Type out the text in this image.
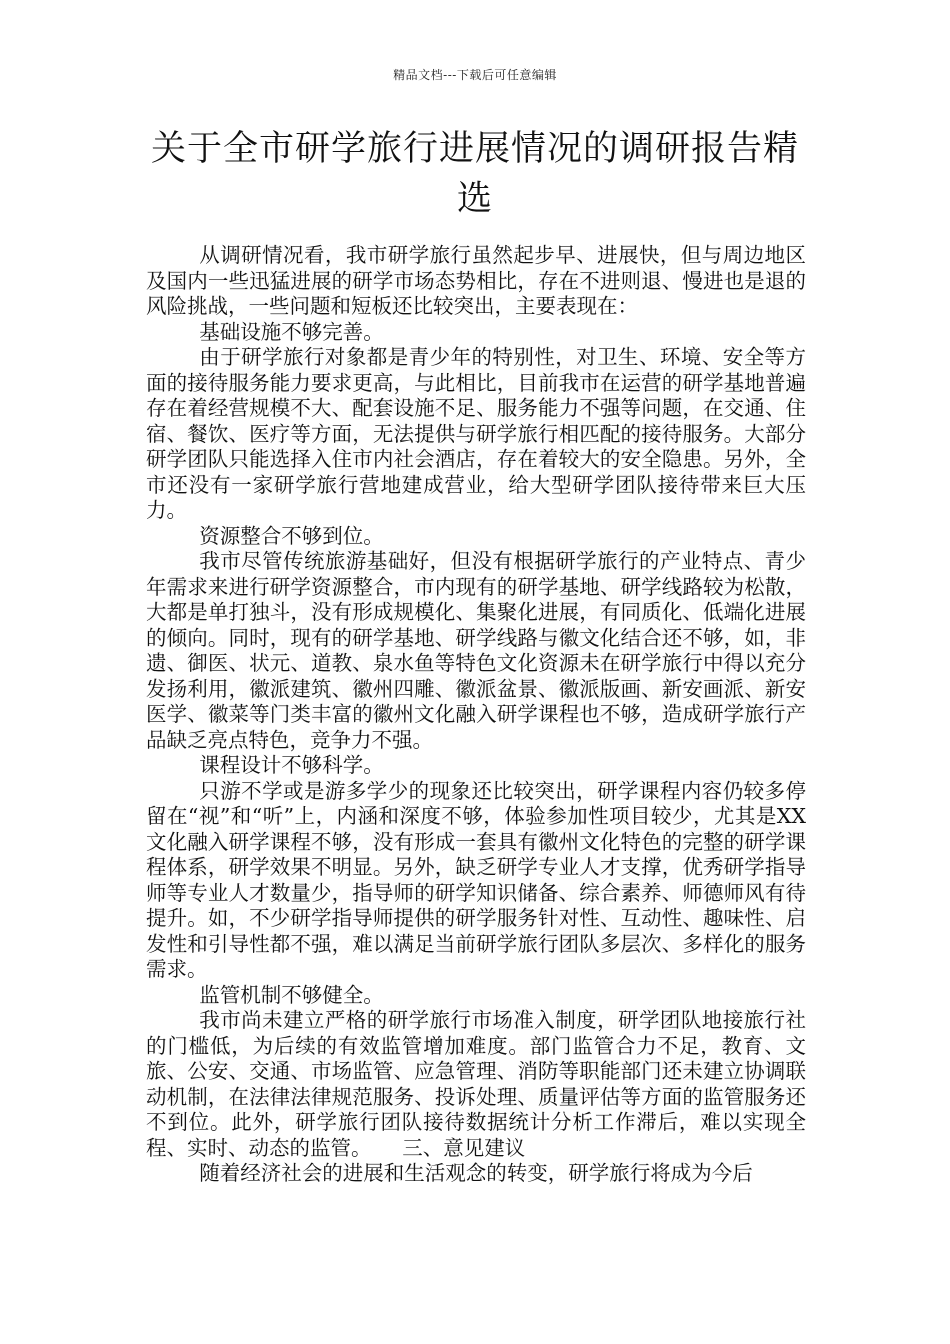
精品文档---下载后可任意编辑
关于全市研学旅行进展情况的调研报告精选

从调研情况看，我市研学旅行虽然起步早、进展快，但与周边地区及国内一些迅猛进展的研学市场态势相比，存在不进则退、慢进也是退的风险挑战，一些问题和短板还比较突出，主要表现在：

基础设施不够完善。

由于研学旅行对象都是青少年的特别性，对卫生、环境、安全等方面的接待服务能力要求更高，与此相比，目前我市在运营的研学基地普遍存在着经营规模不大、配套设施不足、服务能力不强等问题，在交通、住宿、餐饮、医疗等方面，无法提供与研学旅行相匹配的接待服务。大部分研学团队只能选择入住市内社会酒店，存在着较大的安全隐患。另外，全市还没有一家研学旅行营地建成营业，给大型研学团队接待带来巨大压力。

资源整合不够到位。

我市尽管传统旅游基础好，但没有根据研学旅行的产业特点、青少年需求来进行研学资源整合，市内现有的研学基地、研学线路较为松散，大都是单打独斗，没有形成规模化、集聚化进展，有同质化、低端化进展的倾向。同时，现有的研学基地、研学线路与徽文化结合还不够，如，非遗、御医、状元、道教、泉水鱼等特色文化资源未在研学旅行中得以充分发扬利用，徽派建筑、徽州四雕、徽派盆景、徽派版画、新安画派、新安医学、徽菜等门类丰富的徽州文化融入研学课程也不够，造成研学旅行产品缺乏亮点特色，竞争力不强。

课程设计不够科学。

只游不学或是游多学少的现象还比较突出，研学课程内容仍较多停留在“视”和“听”上，内涵和深度不够，体验参加性项目较少，尤其是XX文化融入研学课程不够，没有形成一套具有徽州文化特色的完整的研学课程体系，研学效果不明显。另外，缺乏研学专业人才支撑，优秀研学指导师等专业人才数量少，指导师的研学知识储备、综合素养、师德师风有待提升。如，不少研学指导师提供的研学服务针对性、互动性、趣味性、启发性和引导性都不强，难以满足当前研学旅行团队多层次、多样化的服务需求。

监管机制不够健全。

我市尚未建立严格的研学旅行市场准入制度，研学团队地接旅行社的门槛低，为后续的有效监管增加难度。部门监管合力不足，教育、文旅、公安、交通、市场监管、应急管理、消防等职能部门还未建立协调联动机制，在法律法律规范服务、投诉处理、质量评估等方面的监管服务还不到位。此外，研学旅行团队接待数据统计分析工作滞后，难以实现全程、实时、动态的监管。　　三、意见建议

随着经济社会的进展和生活观念的转变，研学旅行将成为今后
